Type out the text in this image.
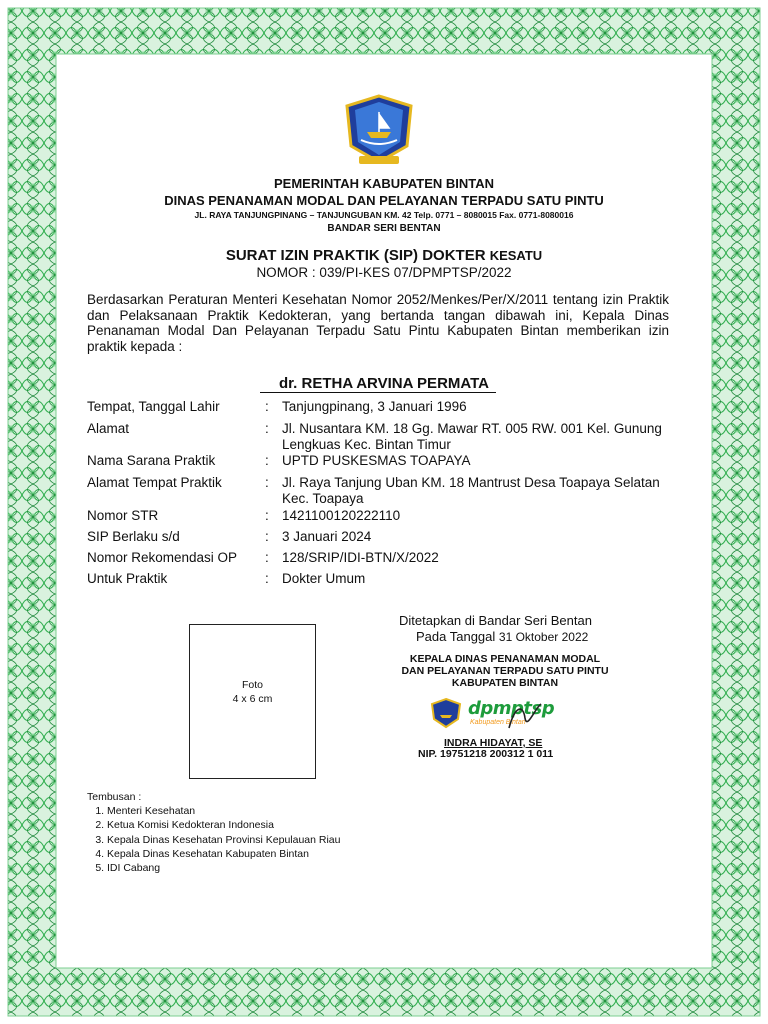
PEMERINTAH KABUPATEN BINTAN
DINAS PENANAMAN MODAL DAN PELAYANAN TERPADU SATU PINTU
JL. RAYA TANJUNGPINANG – TANJUNGUBAN KM. 42 Telp. 0771 – 8080015 Fax. 0771-8080016
BANDAR SERI BENTAN
SURAT IZIN PRAKTIK (SIP) DOKTER KESATU
NOMOR : 039/PI-KES 07/DPMPTSP/2022
Berdasarkan Peraturan Menteri Kesehatan Nomor 2052/Menkes/Per/X/2011 tentang izin Praktik dan Pelaksanaan Praktik Kedokteran, yang bertanda tangan dibawah ini, Kepala Dinas Penanaman Modal Dan Pelayanan Terpadu Satu Pintu Kabupaten Bintan memberikan izin praktik kepada :
dr. RETHA ARVINA PERMATA
Tempat, Tanggal Lahir	: Tanjungpinang, 3 Januari 1996
Alamat	: Jl. Nusantara KM. 18 Gg. Mawar RT. 005 RW. 001 Kel. Gunung Lengkuas Kec. Bintan Timur
Nama Sarana Praktik	: UPTD PUSKESMAS TOAPAYA
Alamat Tempat Praktik	: Jl. Raya Tanjung Uban KM. 18 Mantrust Desa Toapaya Selatan Kec. Toapaya
Nomor STR	: 1421100120222110
SIP Berlaku s/d	: 3 Januari 2024
Nomor Rekomendasi OP	: 128/SRIP/IDI-BTN/X/2022
Untuk Praktik	: Dokter Umum
Foto
4 x 6 cm
Ditetapkan di Bandar Seri Bentan
Pada Tanggal 31 Oktober 2022
KEPALA DINAS PENANAMAN MODAL
DAN PELAYANAN TERPADU SATU PINTU
KABUPATEN BINTAN
dpmptsp
Kabupaten Bintan
INDRA HIDAYAT, SE
NIP. 19751218 200312 1 011
Tembusan :
1. Menteri Kesehatan
2. Ketua Komisi Kedokteran Indonesia
3. Kepala Dinas Kesehatan Provinsi Kepulauan Riau
4. Kepala Dinas Kesehatan Kabupaten Bintan
5. IDI Cabang
